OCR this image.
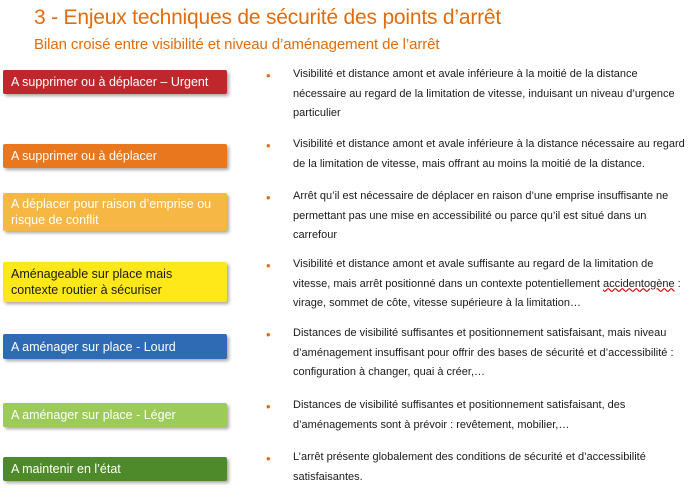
3 - Enjeux techniques de sécurité des points d’arrêt
Bilan croisé entre visibilité et niveau d’aménagement de l’arrêt
A supprimer ou à déplacer – Urgent	• Visibilité et distance amont et avale inférieure à la moitié de la distance nécessaire au regard de la limitation de vitesse, induisant un niveau d’urgence particulier
A supprimer ou à déplacer
• Visibilité et distance amont et avale inférieure à la distance nécessaire au regard de la limitation de vitesse, mais offrant au moins la moitié de la distance.
A déplacer pour raison d’emprise ou risque de conflit
• Arrêt qu’il est nécessaire de déplacer en raison d’une emprise insuffisante ne permettant pas une mise en accessibilité ou parce qu’il est situé dans un carrefour
Aménageable sur place mais contexte routier à sécuriser
• Visibilité et distance amont et avale suffisante au regard de la limitation de vitesse, mais arrêt positionné dans un contexte potentiellement accidentogène : virage, sommet de côte, vitesse supérieure à la limitation…
A aménager sur place - Lourd
• Distances de visibilité suffisantes et positionnement satisfaisant, mais niveau d’aménagement insuffisant pour offrir des bases de sécurité et d’accessibilité : configuration à changer, quai à créer,…
A aménager sur place - Léger
• Distances de visibilité suffisantes et positionnement satisfaisant, des d’aménagements sont à prévoir : revêtement, mobilier,…
A maintenir en l’état
• L’arrêt présente globalement des conditions de sécurité et d’accessibilité satisfaisantes.
